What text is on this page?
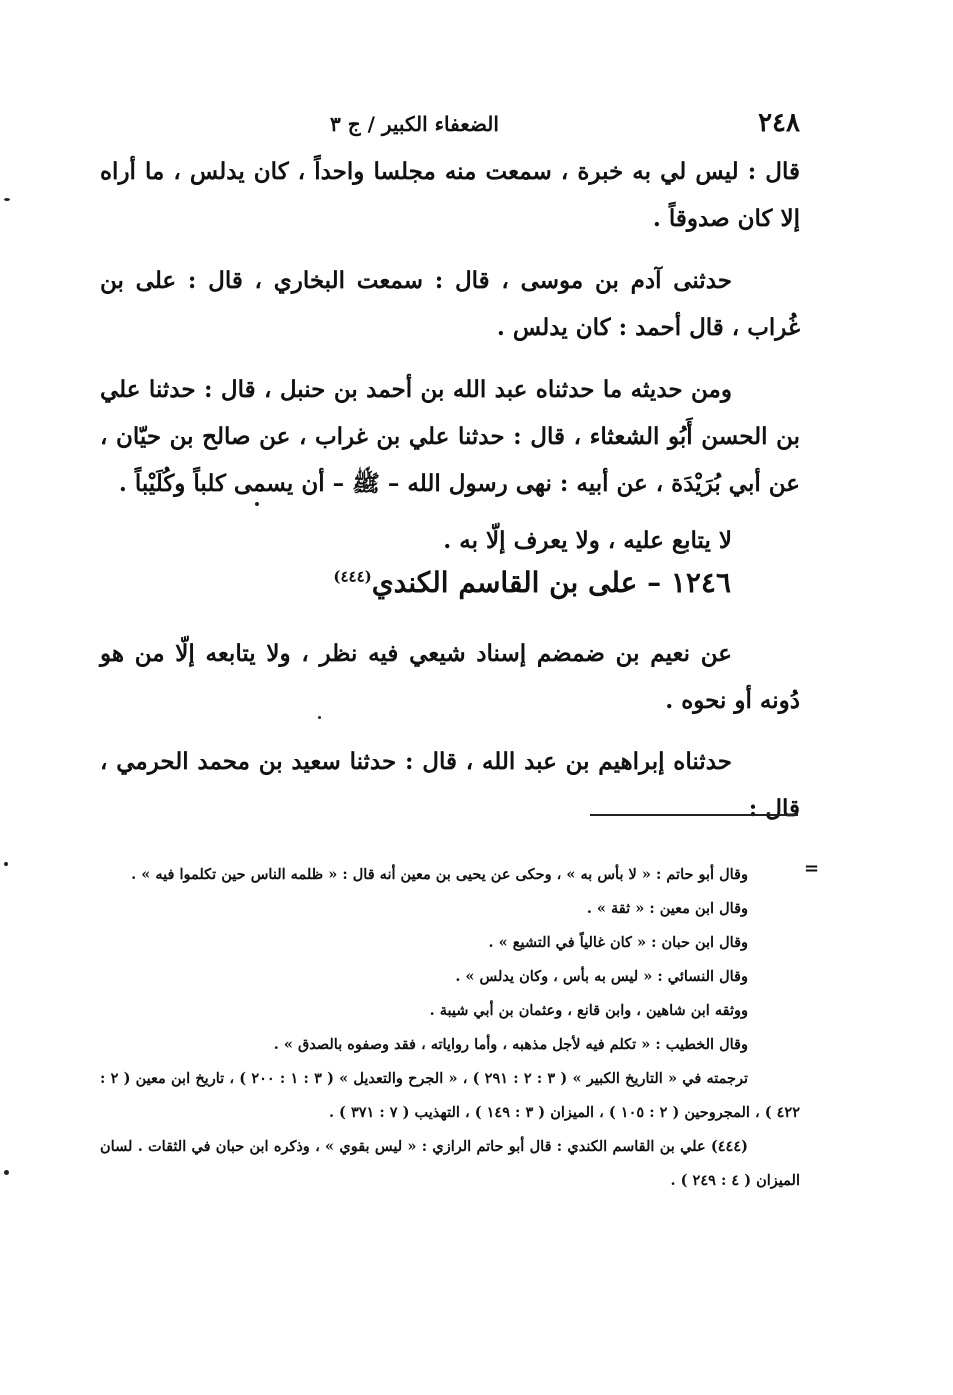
٢٤٨
الضعفاء الكبير / ج ٣

قال : ليس لي به خبرة ، سمعت منه مجلسا واحداً ، كان يدلس ، ما أراه إلا كان صدوقاً .

حدثنى آدم بن موسى ، قال : سمعت البخاري ، قال : على بن غُراب ، قال أحمد : كان يدلس .

ومن حديثه ما حدثناه عبد الله بن أحمد بن حنبل ، قال : حدثنا علي بن الحسن أَبُو الشعثاء ، قال : حدثنا علي بن غراب ، عن صالح بن حيّان ، عن أبي بُرَيْدَة ، عن أبيه : نهى رسول الله – ﷺ – أن يسمى كلباً وكُلَيْباً .

لا يتابع عليه ، ولا يعرف إلّا به .

١٢٤٦ – على بن القاسم الكندي$^{(٤٤٤)}$

عن نعيم بن ضمضم إسناد شيعي فيه نظر ، ولا يتابعه إلّا من هو دُونه أو نحوه .

حدثناه إبراهيم بن عبد الله ، قال : حدثنا سعيد بن محمد الحرمي ، قال :

=

وقال أبو حاتم : « لا بأس به » ، وحكى عن يحيى بن معين أنه قال : « ظلمه الناس حين تكلموا فيه » .

وقال ابن معين : « ثقة » .

وقال ابن حبان : « كان غالياً في التشيع » .

وقال النسائي : « ليس به بأس ، وكان يدلس » .

ووثقه ابن شاهين ، وابن قانع ، وعثمان بن أبي شيبة .

وقال الخطيب : « تكلم فيه لأجل مذهبه ، وأما رواياته ، فقد وصفوه بالصدق » .

ترجمته في « التاريخ الكبير » ( ٣ : ٢ : ٢٩١ ) ، « الجرح والتعديل » ( ٣ : ١ : ٢٠٠ ) ، تاريخ ابن معين ( ٢ : ٤٢٢ ) ، المجروحين ( ٢ : ١٠٥ ) ، الميزان ( ٣ : ١٤٩ ) ، التهذيب ( ٧ : ٣٧١ ) .

(٤٤٤) علي بن القاسم الكندي : قال أبو حاتم الرازي : « ليس بقوي » ، وذكره ابن حبان في الثقات . لسان الميزان ( ٤ : ٢٤٩ ) .
